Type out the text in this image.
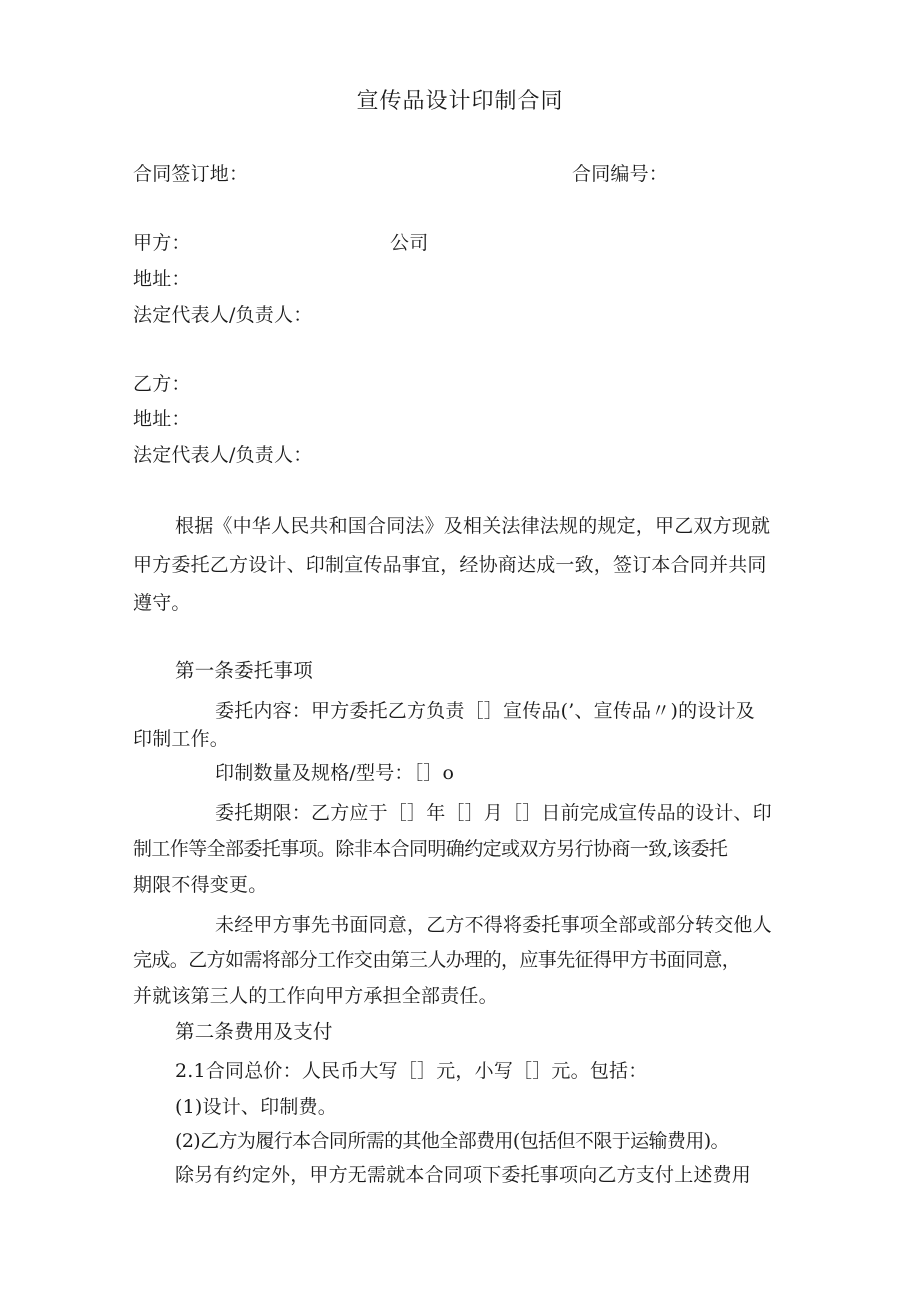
宣传品设计印制合同
合同签订地：	合同编号：
甲方：	公司
地址：
法定代表人/负责人：
乙方：
地址：
法定代表人/负责人：
根据《中华人民共和国合同法》及相关法律法规的规定，甲乙双方现就
甲方委托乙方设计、印制宣传品事宜，经协商达成一致，签订本合同并共同
遵守。
第一条委托事项
委托内容：甲方委托乙方负责［］宣传品(’、宣传品〃)的设计及
印制工作。
印制数量及规格/型号：［］o
委托期限：乙方应于［］年［］月［］日前完成宣传品的设计、印
制工作等全部委托事项。除非本合同明确约定或双方另行协商一致,该委托
期限不得变更。
未经甲方事先书面同意，乙方不得将委托事项全部或部分转交他人
完成。乙方如需将部分工作交由第三人办理的，应事先征得甲方书面同意，
并就该第三人的工作向甲方承担全部责任。
第二条费用及支付
2.1合同总价：人民币大写［］元，小写［］元。包括：
(1)设计、印制费。
(2)乙方为履行本合同所需的其他全部费用(包括但不限于运输费用)。
除另有约定外，甲方无需就本合同项下委托事项向乙方支付上述费用
